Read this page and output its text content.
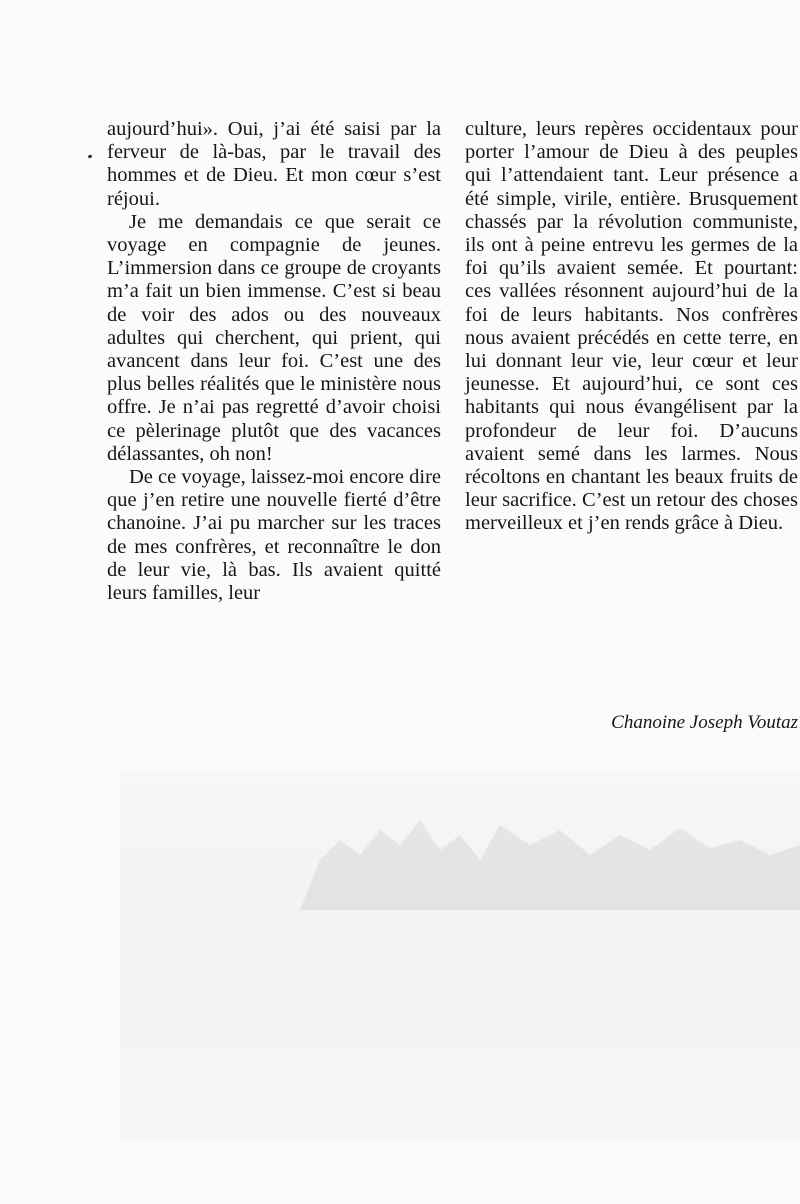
aujourd’hui». Oui, j’ai été saisi par la ferveur de là-bas, par le travail des hommes et de Dieu. Et mon cœur s’est réjoui.

Je me demandais ce que serait ce voyage en compagnie de jeunes. L’immersion dans ce groupe de croyants m’a fait un bien immense. C’est si beau de voir des ados ou des nouveaux adultes qui cherchent, qui prient, qui avancent dans leur foi. C’est une des plus belles réalités que le ministère nous offre. Je n’ai pas regretté d’avoir choisi ce pèlerinage plutôt que des vacances délassantes, oh non!

De ce voyage, laissez-moi encore dire que j’en retire une nouvelle fierté d’être chanoine. J’ai pu marcher sur les traces de mes confrères, et reconnaître le don de leur vie, là bas. Ils avaient quitté leurs familles, leur

culture, leurs repères occidentaux pour porter l’amour de Dieu à des peuples qui l’attendaient tant. Leur présence a été simple, virile, entière. Brusquement chassés par la révolution communiste, ils ont à peine entrevu les germes de la foi qu’ils avaient semée. Et pourtant: ces vallées résonnent aujourd’hui de la foi de leurs habitants. Nos confrères nous avaient précédés en cette terre, en lui donnant leur vie, leur cœur et leur jeunesse. Et aujourd’hui, ce sont ces habitants qui nous évangélisent par la profondeur de leur foi. D’aucuns avaient semé dans les larmes. Nous récoltons en chantant les beaux fruits de leur sacrifice. C’est un retour des choses merveilleux et j’en rends grâce à Dieu.

Chanoine Joseph Voutaz
